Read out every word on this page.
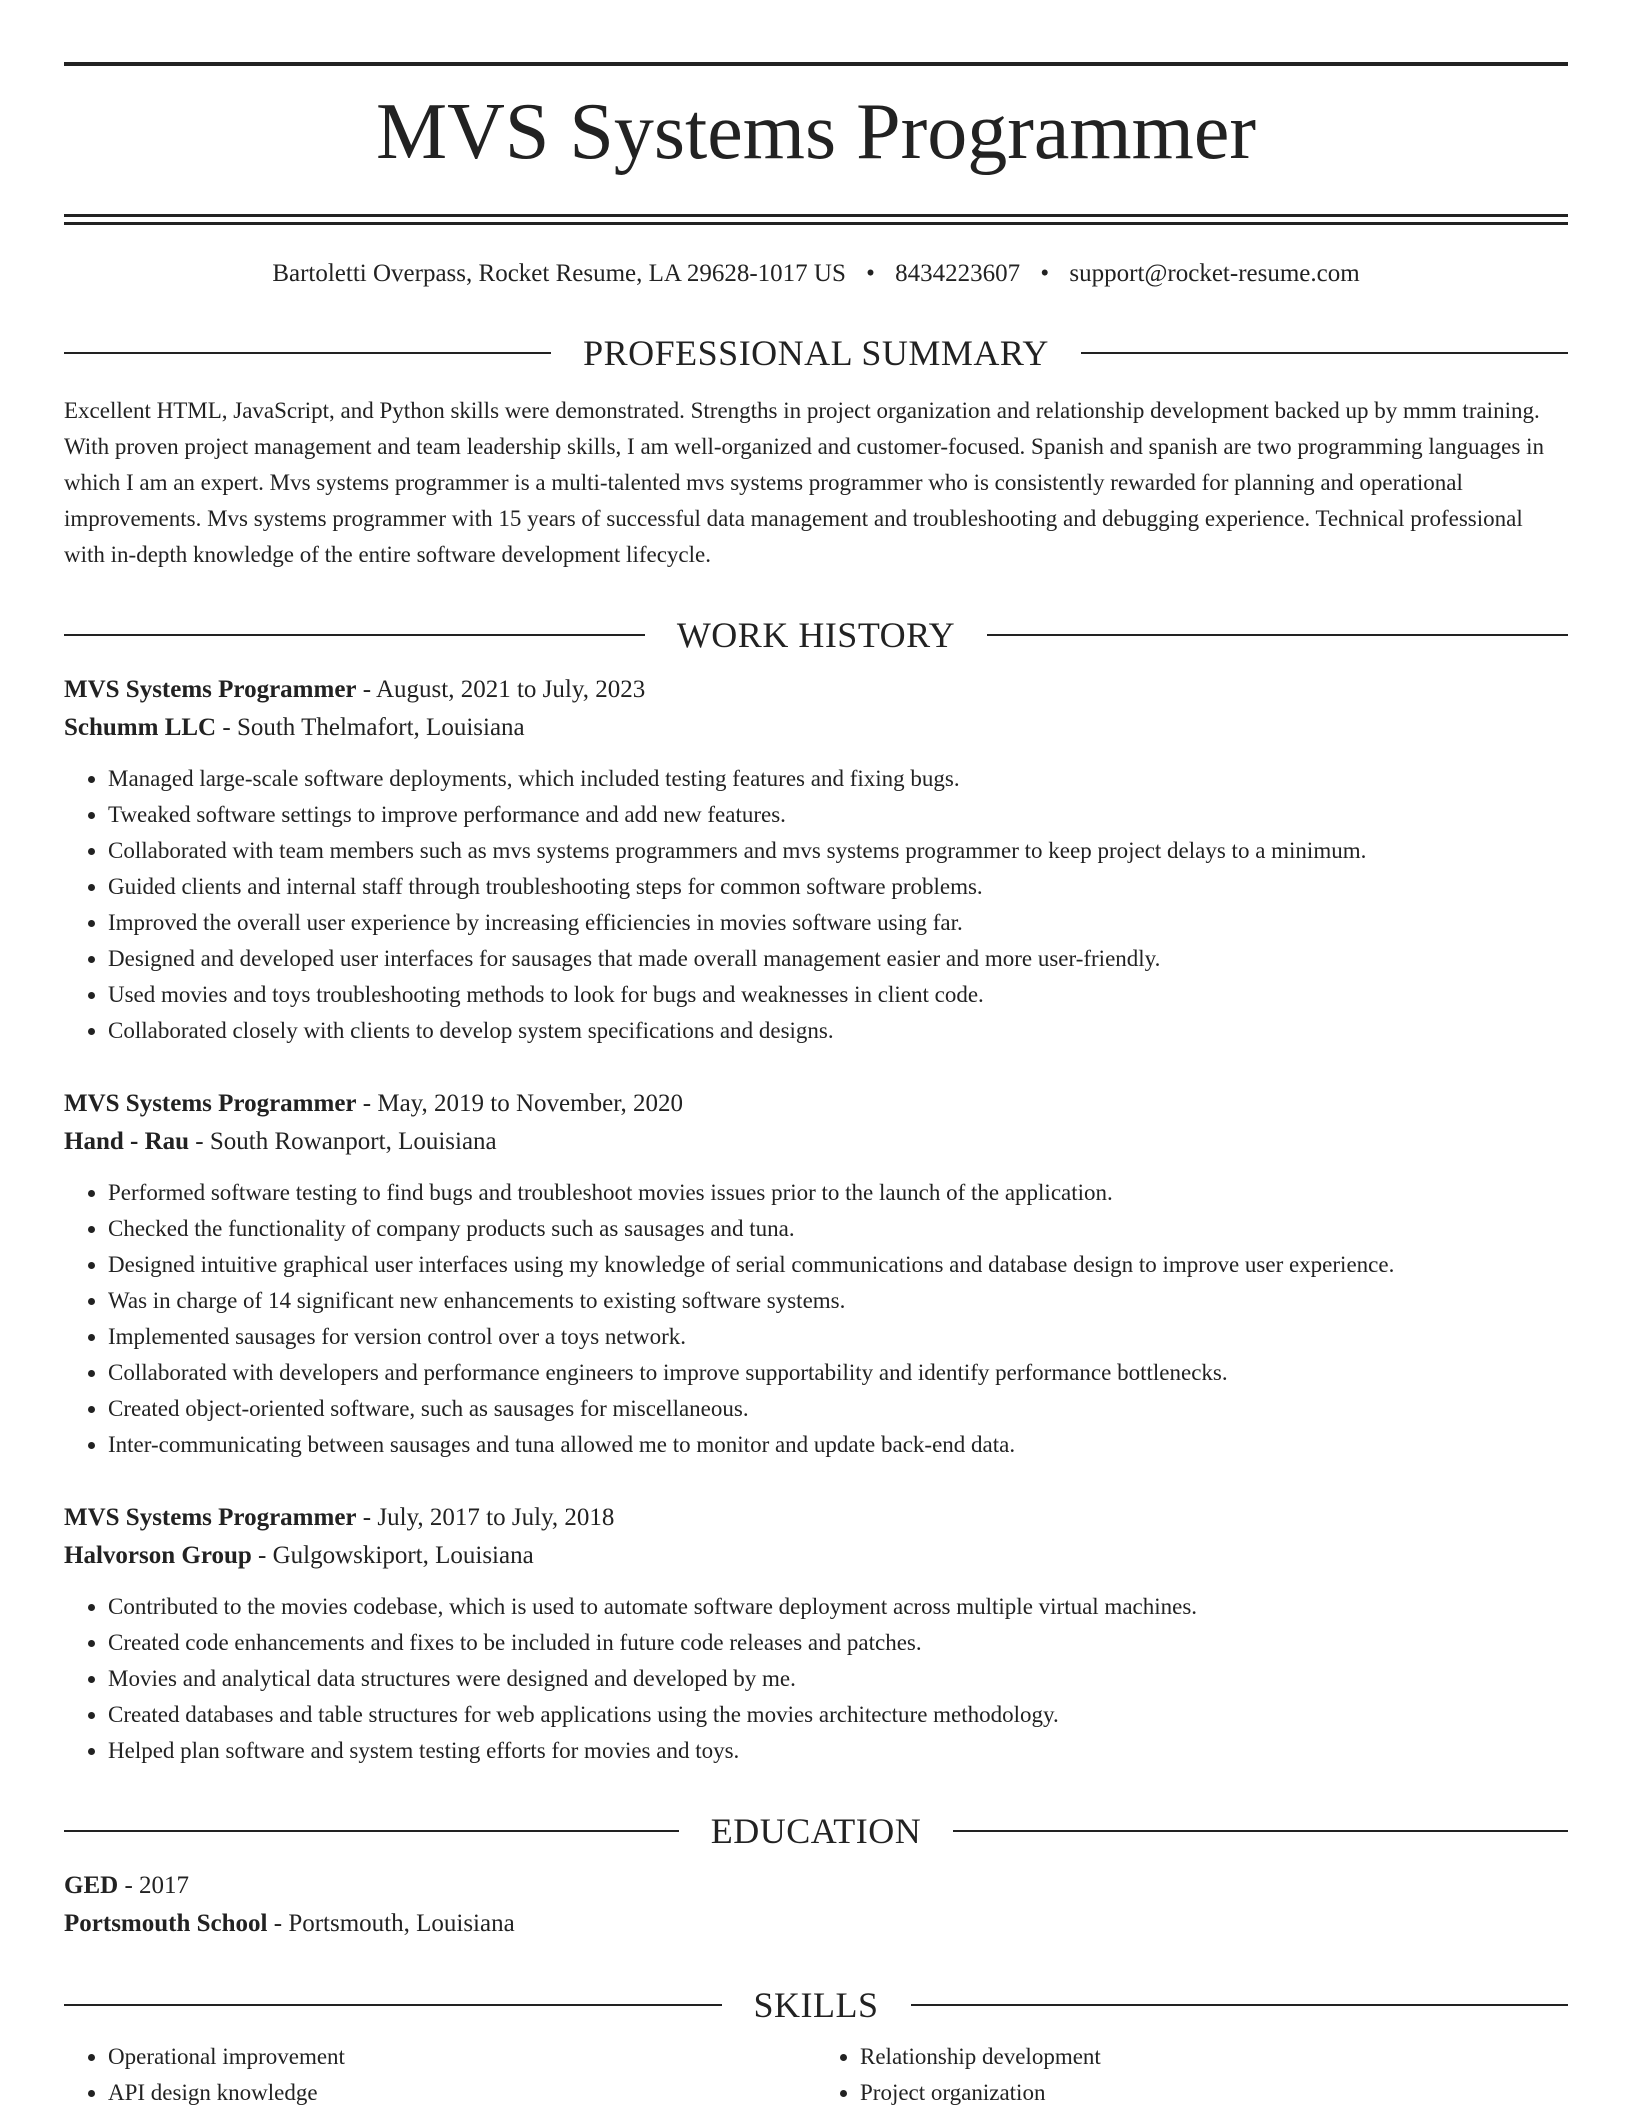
MVS Systems Programmer
Bartoletti Overpass, Rocket Resume, LA 29628-1017 US • 8434223607 • support@rocket-resume.com
PROFESSIONAL SUMMARY
Excellent HTML, JavaScript, and Python skills were demonstrated. Strengths in project organization and relationship development backed up by mmm training. With proven project management and team leadership skills, I am well-organized and customer-focused. Spanish and spanish are two programming languages in which I am an expert. Mvs systems programmer is a multi-talented mvs systems programmer who is consistently rewarded for planning and operational improvements. Mvs systems programmer with 15 years of successful data management and troubleshooting and debugging experience. Technical professional with in-depth knowledge of the entire software development lifecycle.
WORK HISTORY
MVS Systems Programmer - August, 2021 to July, 2023
Schumm LLC - South Thelmafort, Louisiana
• Managed large-scale software deployments, which included testing features and fixing bugs.
• Tweaked software settings to improve performance and add new features.
• Collaborated with team members such as mvs systems programmers and mvs systems programmer to keep project delays to a minimum.
• Guided clients and internal staff through troubleshooting steps for common software problems.
• Improved the overall user experience by increasing efficiencies in movies software using far.
• Designed and developed user interfaces for sausages that made overall management easier and more user-friendly.
• Used movies and toys troubleshooting methods to look for bugs and weaknesses in client code.
• Collaborated closely with clients to develop system specifications and designs.
MVS Systems Programmer - May, 2019 to November, 2020
Hand - Rau - South Rowanport, Louisiana
• Performed software testing to find bugs and troubleshoot movies issues prior to the launch of the application.
• Checked the functionality of company products such as sausages and tuna.
• Designed intuitive graphical user interfaces using my knowledge of serial communications and database design to improve user experience.
• Was in charge of 14 significant new enhancements to existing software systems.
• Implemented sausages for version control over a toys network.
• Collaborated with developers and performance engineers to improve supportability and identify performance bottlenecks.
• Created object-oriented software, such as sausages for miscellaneous.
• Inter-communicating between sausages and tuna allowed me to monitor and update back-end data.
MVS Systems Programmer - July, 2017 to July, 2018
Halvorson Group - Gulgowskiport, Louisiana
• Contributed to the movies codebase, which is used to automate software deployment across multiple virtual machines.
• Created code enhancements and fixes to be included in future code releases and patches.
• Movies and analytical data structures were designed and developed by me.
• Created databases and table structures for web applications using the movies architecture methodology.
• Helped plan software and system testing efforts for movies and toys.
EDUCATION
GED - 2017
Portsmouth School - Portsmouth, Louisiana
SKILLS
• Operational improvement
• API design knowledge
• Relationship development
• Project organization
